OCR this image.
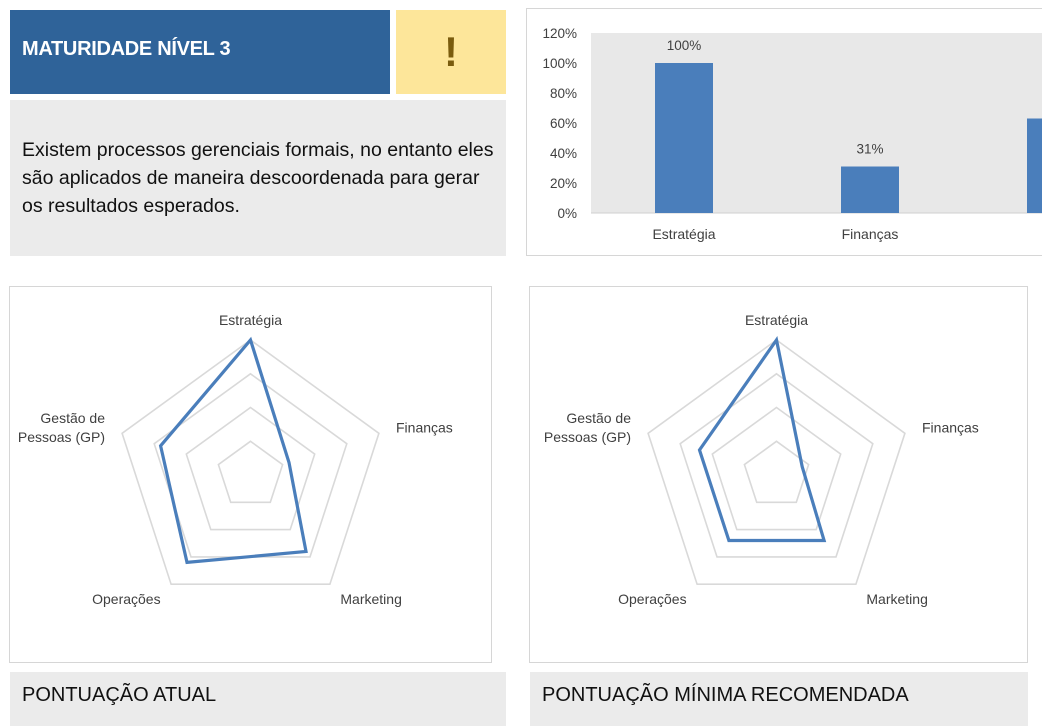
MATURIDADE NÍVEL 3	!
Existem processos gerenciais formais, no entanto eles
são aplicados de maneira descoordenada para gerar
os resultados esperados.	0%
20%
40%
60%
80%
100%
120%
100%
Estratégia
31%
Finanças
Estratégia
Finanças
Marketing
Operações
Gestão de Pessoas (GP)
Estratégia
Finanças
Marketing
Operações
Gestão de Pessoas (GP)
PONTUAÇÃO ATUAL	PONTUAÇÃO MÍNIMA RECOMENDADA
